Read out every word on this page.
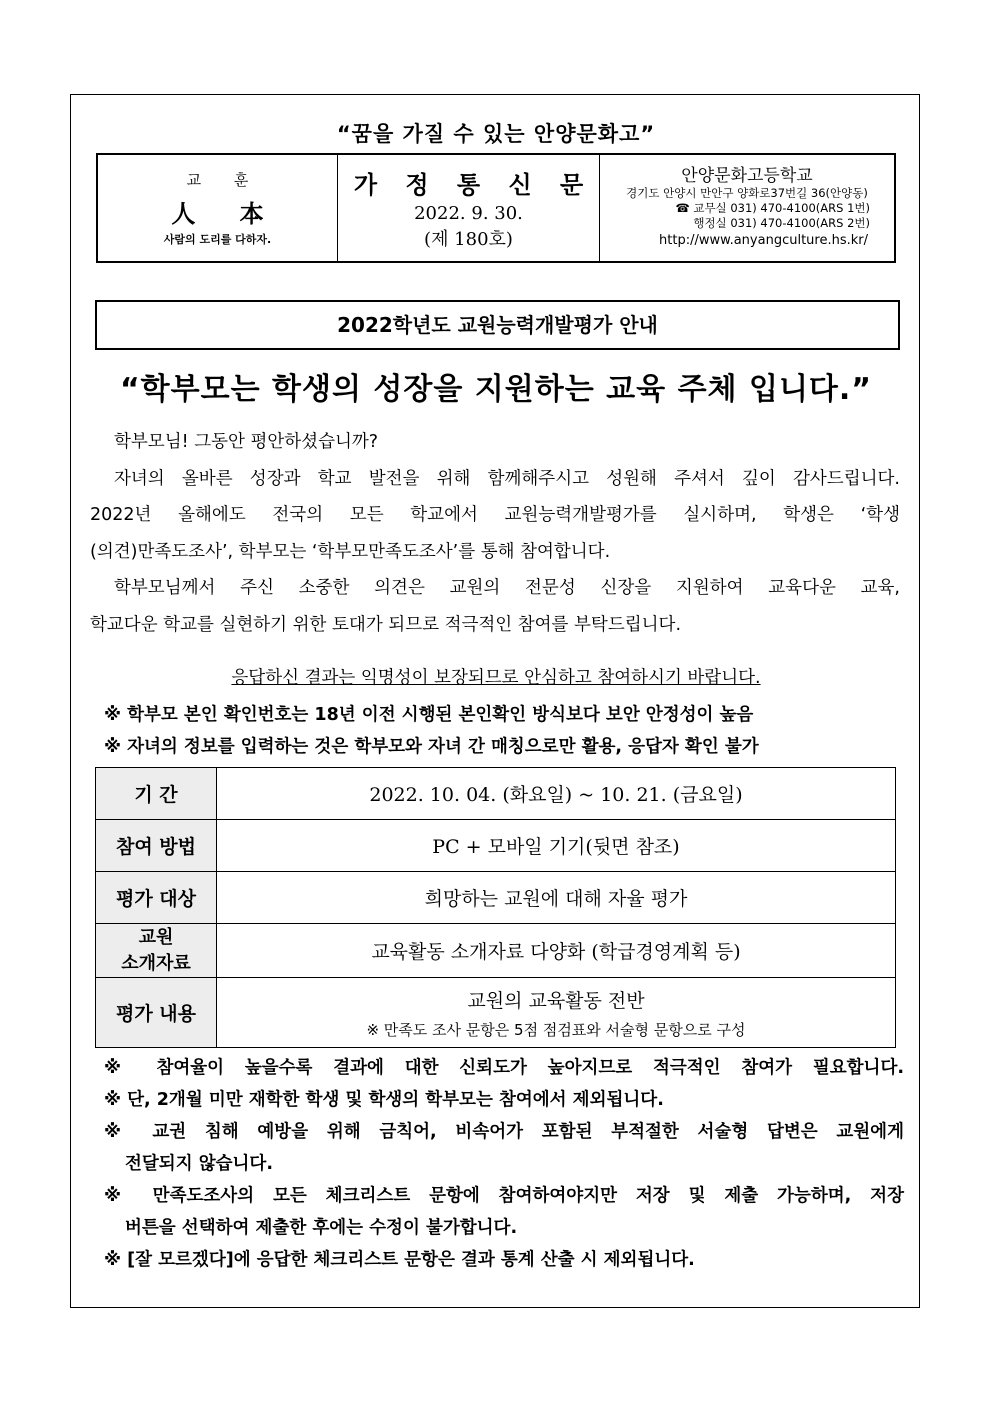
“꿈을 가질 수 있는 안양문화고”
교 훈
人 本
사람의 도리를 다하자.
가 정 통 신 문
2022. 9. 30.
(제 180호)
안양문화고등학교
경기도 안양시 만안구 양화로37번길 36(안양동)
☎ 교무실 031) 470-4100(ARS 1번)
행정실 031) 470-4100(ARS 2번)
http://www.anyangculture.hs.kr/
2022학년도 교원능력개발평가 안내
“학부모는 학생의 성장을 지원하는 교육 주체 입니다.”

학부모님! 그동안 평안하셨습니까?

자녀의 올바른 성장과 학교 발전을 위해 함께해주시고 성원해 주셔서 깊이 감사드립니다.

2022년 올해에도 전국의 모든 학교에서 교원능력개발평가를 실시하며, 학생은 ‘학생

(의견)만족도조사’, 학부모는 ‘학부모만족도조사’를 통해 참여합니다.

학부모님께서 주신 소중한 의견은 교원의 전문성 신장을 지원하여 교육다운 교육,

학교다운 학교를 실현하기 위한 토대가 되므로 적극적인 참여를 부탁드립니다.

응답하신 결과는 익명성이 보장되므로 안심하고 참여하시기 바랍니다.
※ 학부모 본인 확인번호는 18년 이전 시행된 본인확인 방식보다 보안 안정성이 높음
※ 자녀의 정보를 입력하는 것은 학부모와 자녀 간 매칭으로만 활용, 응답자 확인 불가
기 간	2022. 10. 04. (화요일) ~ 10. 21. (금요일)
참여 방법	PC + 모바일 기기(뒷면 참조)
평가 대상	희망하는 교원에 대해 자율 평가

교원
소개자료	교육활동 소개자료 다양화 (학급경영계획 등)
평가 내용	교원의 교육활동 전반
※ 만족도 조사 문항은 5점 점검표와 서술형 문항으로 구성
※ 참여율이 높을수록 결과에 대한 신뢰도가 높아지므로 적극적인 참여가 필요합니다.
※ 단, 2개월 미만 재학한 학생 및 학생의 학부모는 참여에서 제외됩니다.
※ 교권 침해 예방을 위해 금칙어, 비속어가 포함된 부적절한 서술형 답변은 교원에게
전달되지 않습니다.
※ 만족도조사의 모든 체크리스트 문항에 참여하여야지만 저장 및 제출 가능하며, 저장
버튼을 선택하여 제출한 후에는 수정이 불가합니다.
※ [잘 모르겠다]에 응답한 체크리스트 문항은 결과 통계 산출 시 제외됩니다.
